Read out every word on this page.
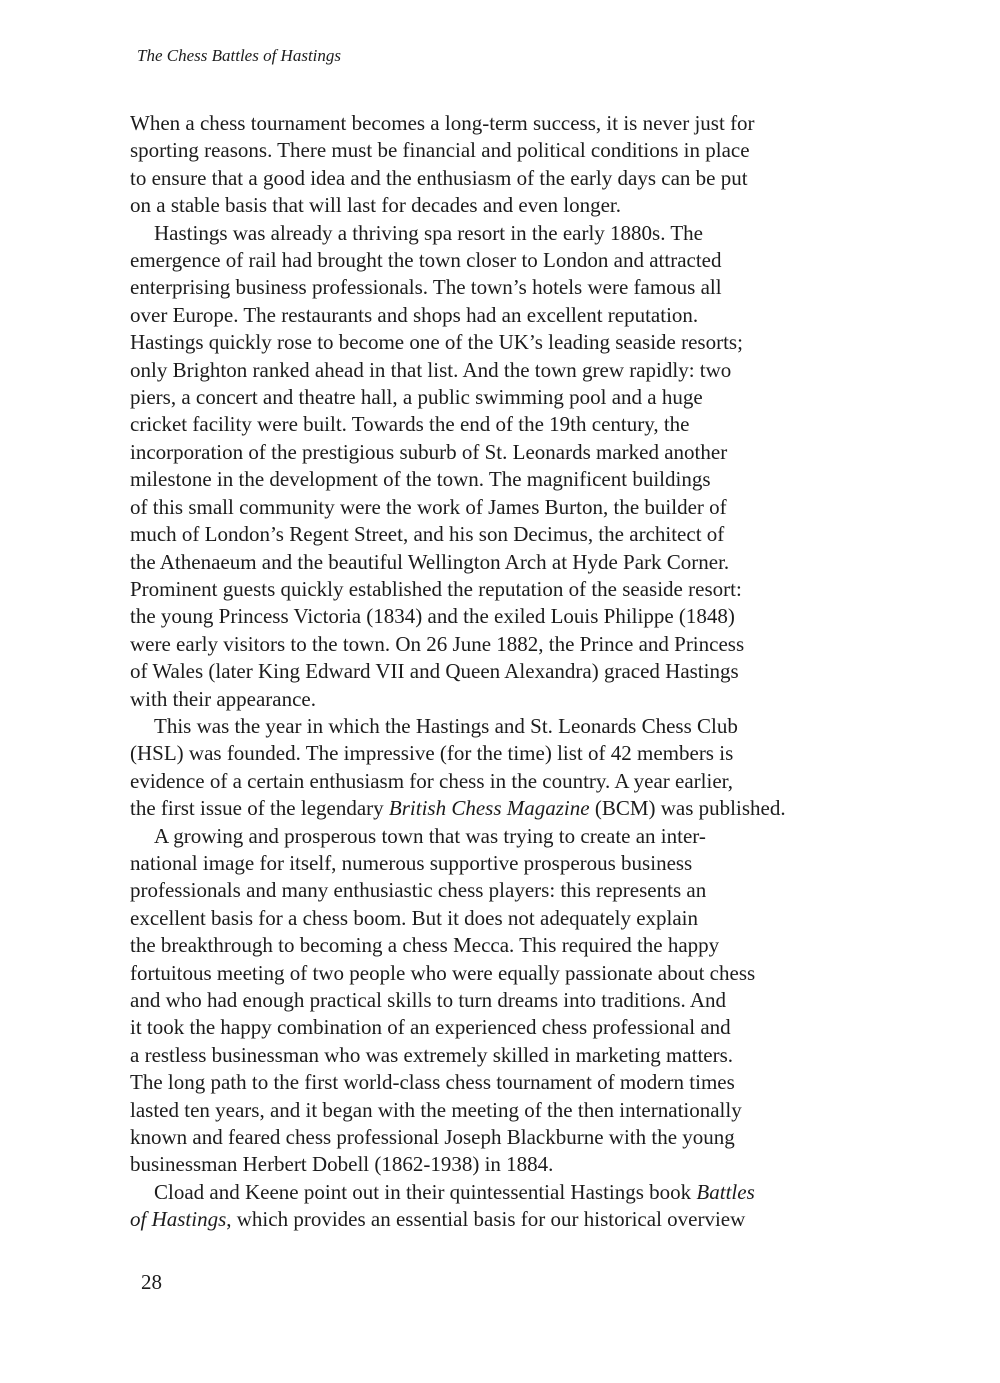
The Chess Battles of Hastings
When a chess tournament becomes a long-term success, it is never just for
sporting reasons. There must be financial and political conditions in place
to ensure that a good idea and the enthusiasm of the early days can be put
on a stable basis that will last for decades and even longer.
Hastings was already a thriving spa resort in the early 1880s. The
emergence of rail had brought the town closer to London and attracted
enterprising business professionals. The town’s hotels were famous all
over Europe. The restaurants and shops had an excellent reputation.
Hastings quickly rose to become one of the UK’s leading seaside resorts;
only Brighton ranked ahead in that list. And the town grew rapidly: two
piers, a concert and theatre hall, a public swimming pool and a huge
cricket facility were built. Towards the end of the 19th century, the
incorporation of the prestigious suburb of St. Leonards marked another
milestone in the development of the town. The magnificent buildings
of this small community were the work of James Burton, the builder of
much of London’s Regent Street, and his son Decimus, the architect of
the Athenaeum and the beautiful Wellington Arch at Hyde Park Corner.
Prominent guests quickly established the reputation of the seaside resort:
the young Princess Victoria (1834) and the exiled Louis Philippe (1848)
were early visitors to the town. On 26 June 1882, the Prince and Princess
of Wales (later King Edward VII and Queen Alexandra) graced Hastings
with their appearance.
This was the year in which the Hastings and St. Leonards Chess Club
(HSL) was founded. The impressive (for the time) list of 42 members is
evidence of a certain enthusiasm for chess in the country. A year earlier,
the first issue of the legendary British Chess Magazine (BCM) was published.
A growing and prosperous town that was trying to create an inter-
national image for itself, numerous supportive prosperous business
professionals and many enthusiastic chess players: this represents an
excellent basis for a chess boom. But it does not adequately explain
the breakthrough to becoming a chess Mecca. This required the happy
fortuitous meeting of two people who were equally passionate about chess
and who had enough practical skills to turn dreams into traditions. And
it took the happy combination of an experienced chess professional and
a restless businessman who was extremely skilled in marketing matters.
The long path to the first world-class chess tournament of modern times
lasted ten years, and it began with the meeting of the then internationally
known and feared chess professional Joseph Blackburne with the young
businessman Herbert Dobell (1862-1938) in 1884.
Cload and Keene point out in their quintessential Hastings book Battles
of Hastings, which provides an essential basis for our historical overview
28
